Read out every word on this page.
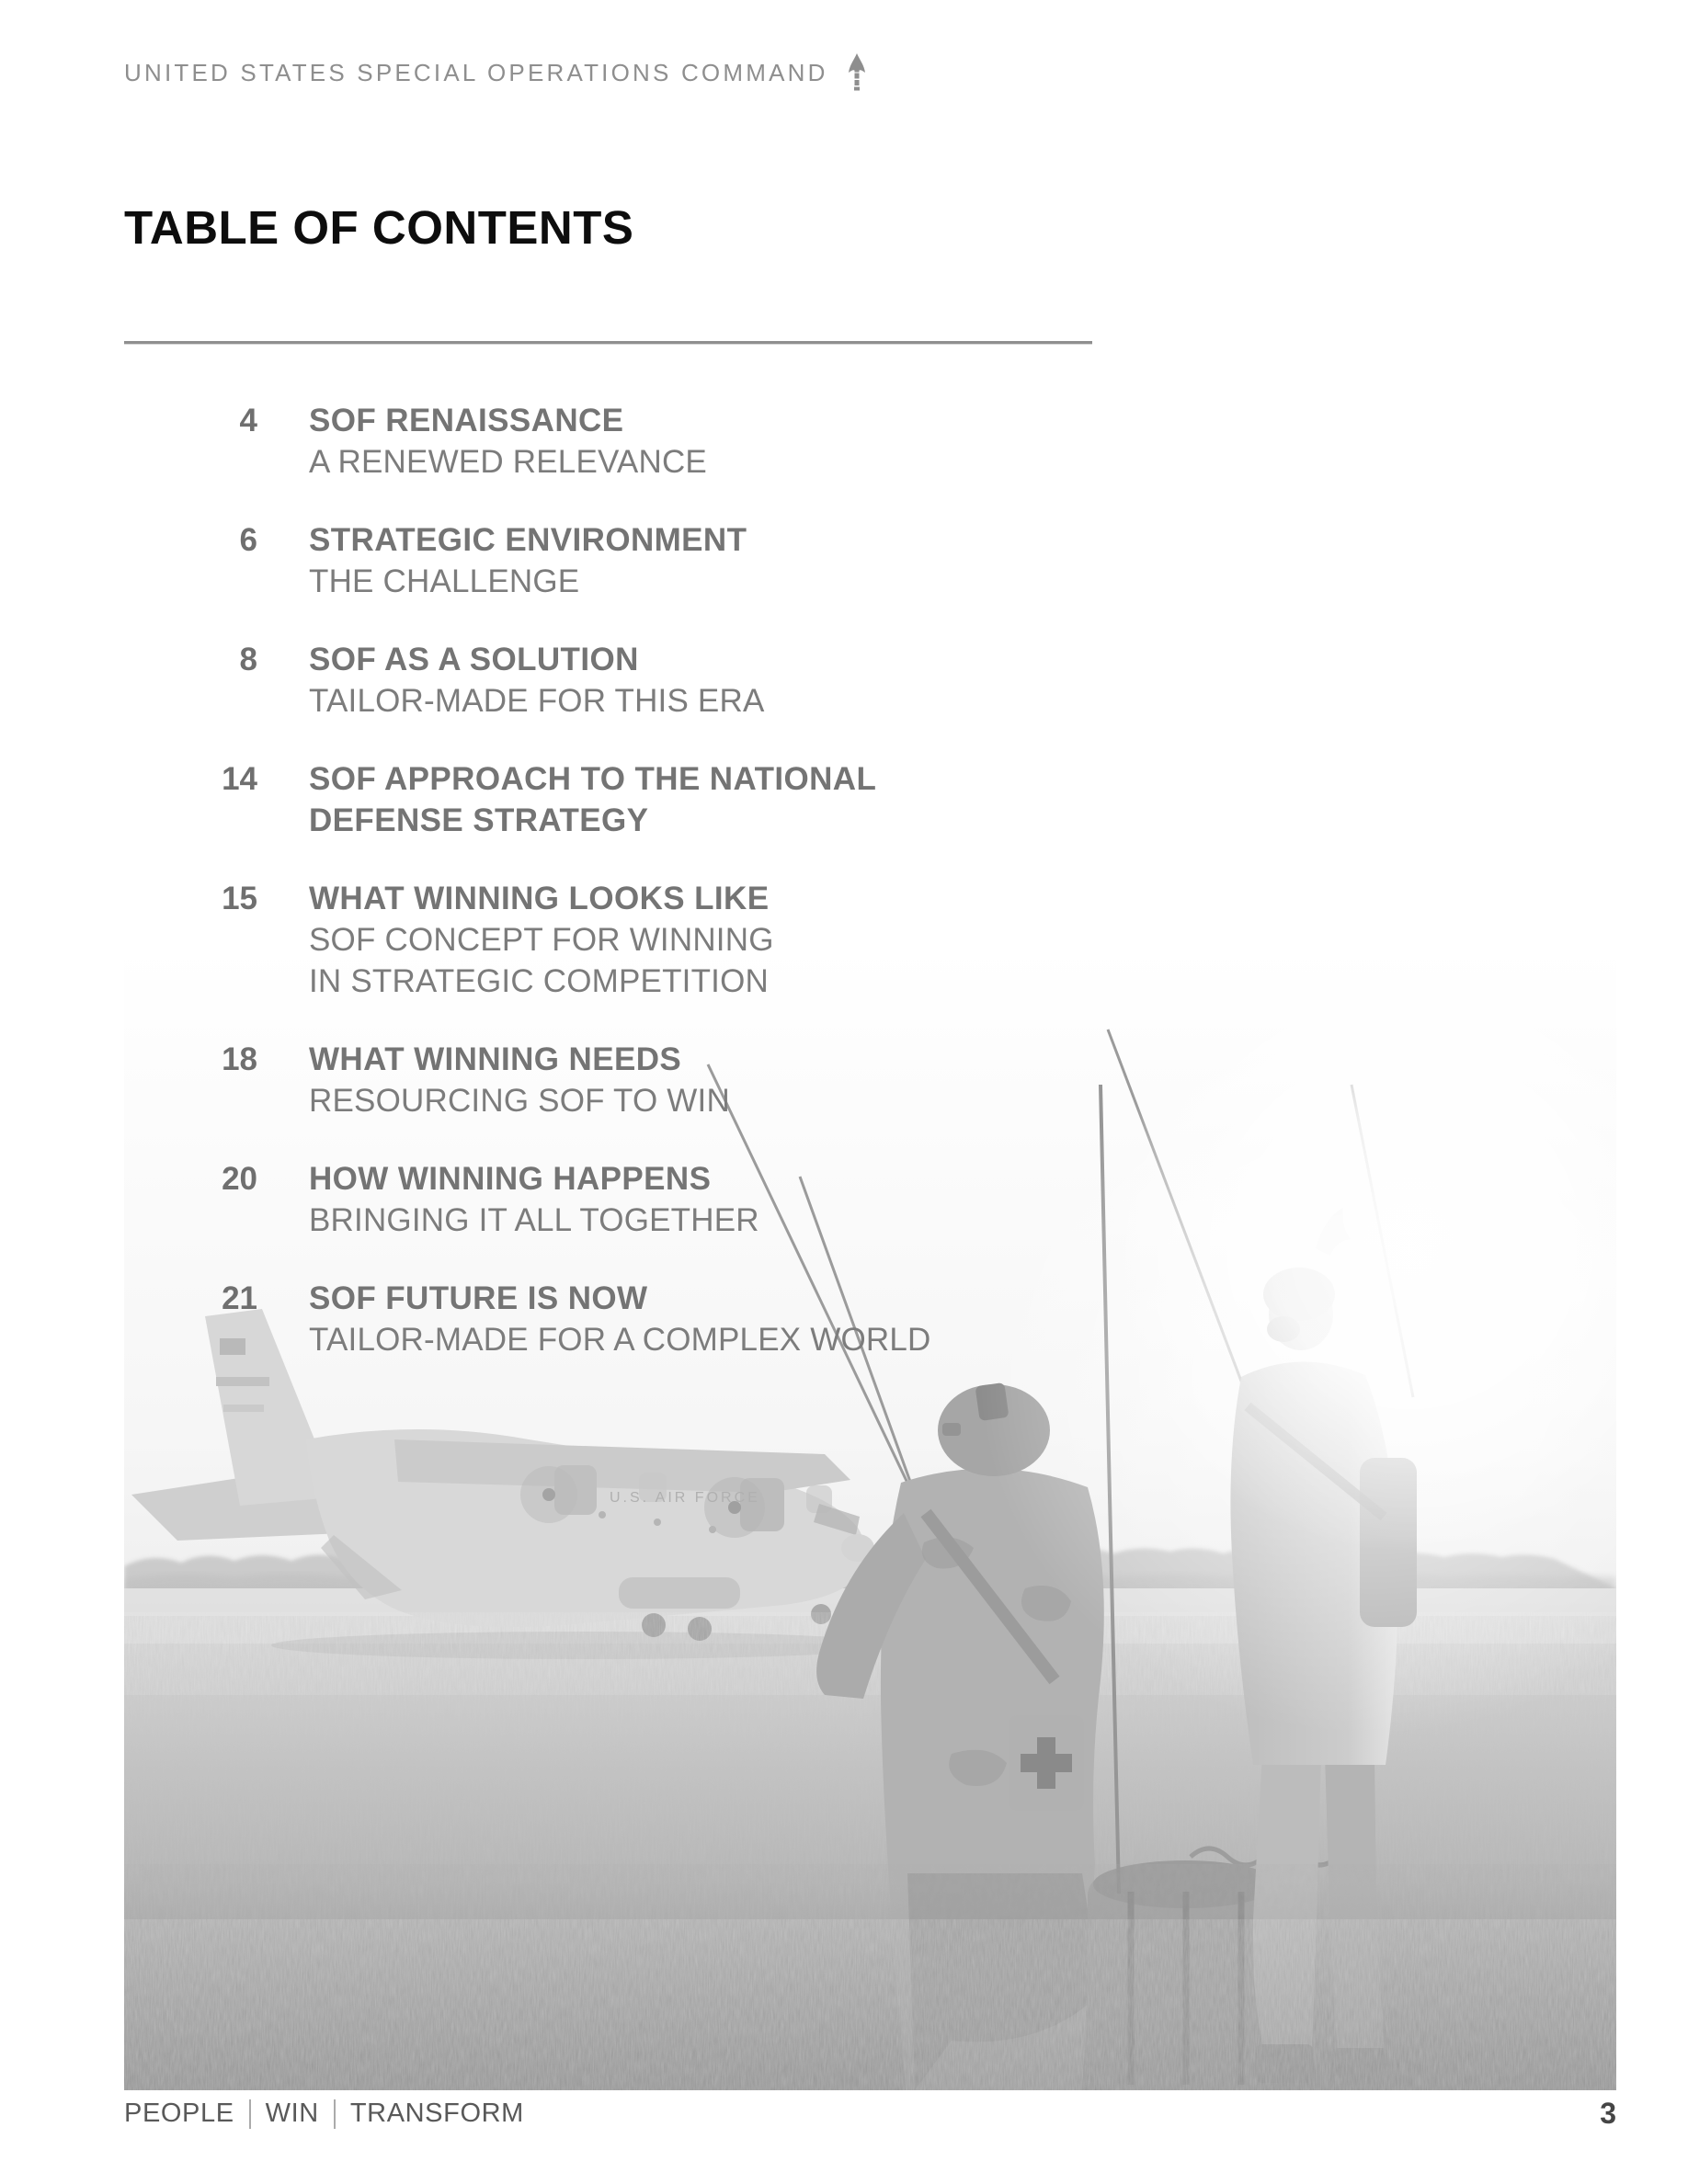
U.S. AIR FORCE
UNITED STATES SPECIAL OPERATIONS COMMAND
TABLE OF CONTENTS
4 SOF RENAISSANCE
A RENEWED RELEVANCE
6 STRATEGIC ENVIRONMENT
THE CHALLENGE
8 SOF AS A SOLUTION
TAILOR-MADE FOR THIS ERA
14 SOF APPROACH TO THE NATIONAL
DEFENSE STRATEGY
15 WHAT WINNING LOOKS LIKE
SOF CONCEPT FOR WINNING
IN STRATEGIC COMPETITION
18 WHAT WINNING NEEDS
RESOURCING SOF TO WIN
20 HOW WINNING HAPPENS
BRINGING IT ALL TOGETHER
21 SOF FUTURE IS NOW
TAILOR-MADE FOR A COMPLEX WORLD
PEOPLE WIN TRANSFORM	3
